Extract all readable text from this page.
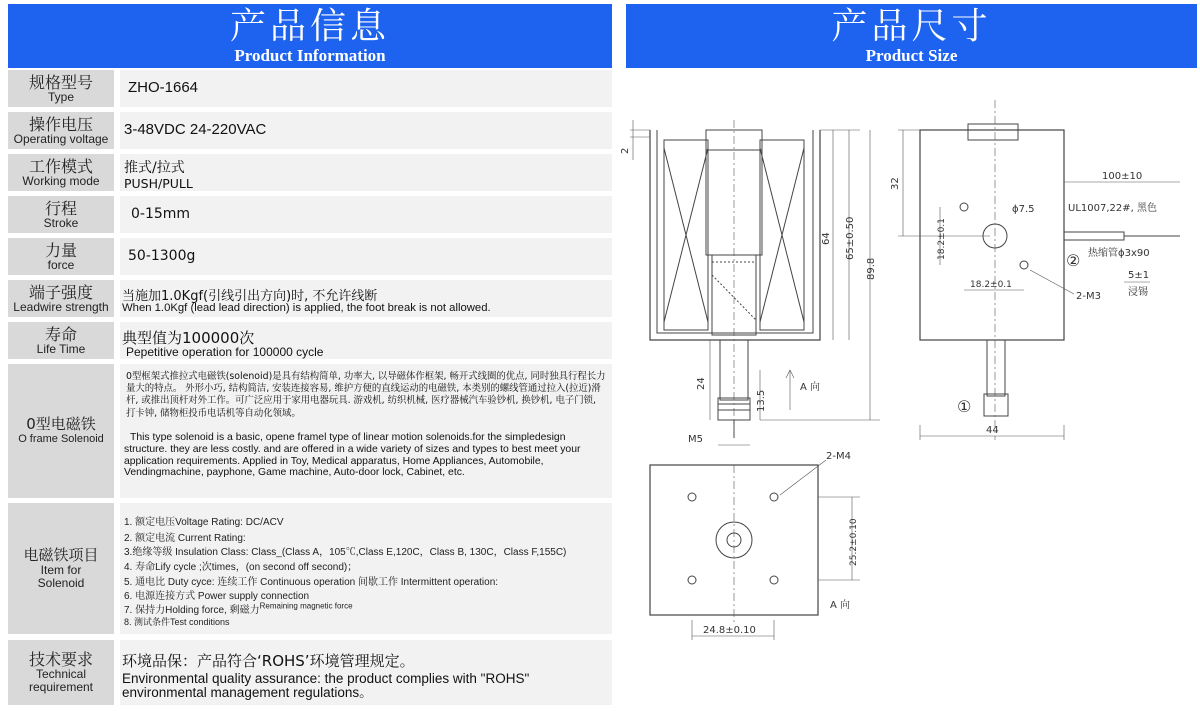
产品信息
Product Information
产品尺寸
Product Size
规格型号
Type
ZHO-1664
操作电压
Operating voltage
3-48VDC 24-220VAC
工作模式
Working mode
推式/拉式
PUSH/PULL
行程
Stroke
0-15mm
力量
force
50-1300g
端子强度
Leadwire strength
当施加1.0Kgf(引线引出方向)时, 不允许线断
When 1.0Kgf (lead lead direction) is applied, the foot break is not allowed.
寿命
Life Time
典型值为100000次
Pepetitive operation for 100000 cycle
0型电磁铁
O frame Solenoid
0型框架式推拉式电磁铁(solenoid)是具有结构简单, 功率大, 以导磁体作框架, 畅开式线圈的优点, 同时独具行程长力量大的特点。 外形小巧, 结构简洁, 安装连接容易, 维护方便的直线运动的电磁铁, 本类别的螺线管通过拉入(拉近)滑杆, 或推出顶杆对外工作。可广泛应用于家用电器玩具. 游戏机, 纺织机械, 医疗器械汽车验钞机, 换钞机, 电子门锁, 打卡钟, 储物柜投币电话机等自动化领域。
This type solenoid is a basic, opene framel type of linear motion solenoids.for the simpledesign structure. they are less costly. and are offered in a wide variety of sizes and types to best meet your application requirements. Applied in Toy, Medical apparatus, Home Appliances, Automobile, Vendingmachine, payphone, Game machine, Auto-door lock, Cabinet, etc.
电磁铁项目
Item for Solenoid
1. 额定电压Voltage Rating: DC/ACV
2. 额定电流 Current Rating:
3.绝缘等级 Insulation Class: Class_(Class A，105℃,Class E,120C，Class B, 130C，Class F,155C)
4. 寿命Lify cycle ;次times，(on second off second)；
5. 通电比 Duty cyce: 连续工作 Continuous operation 间歇工作 Intermittent operation:
6. 电源连接方式 Power supply connection
7. 保持力Holding force, 剩磁力$^{Remaining magnetic force}$
8. 测试条件Test conditions
技术要求
Technical requirement
环境品保：产品符合‘ROHS’环境管理规定。
Environmental quality assurance: the product complies with "ROHS" environmental management regulations。
2
64 65±0.50
89.8
24
13.5
A 向
M5
32
100±10
UL1007,22#, 黑色
ϕ7.5
18.2±0.1
18.2±0.1
热缩管ϕ3x90
②
2-M3
5±1
浸锡
①
44
2-M4
25.2±0.10
24.8±0.10
A 向
